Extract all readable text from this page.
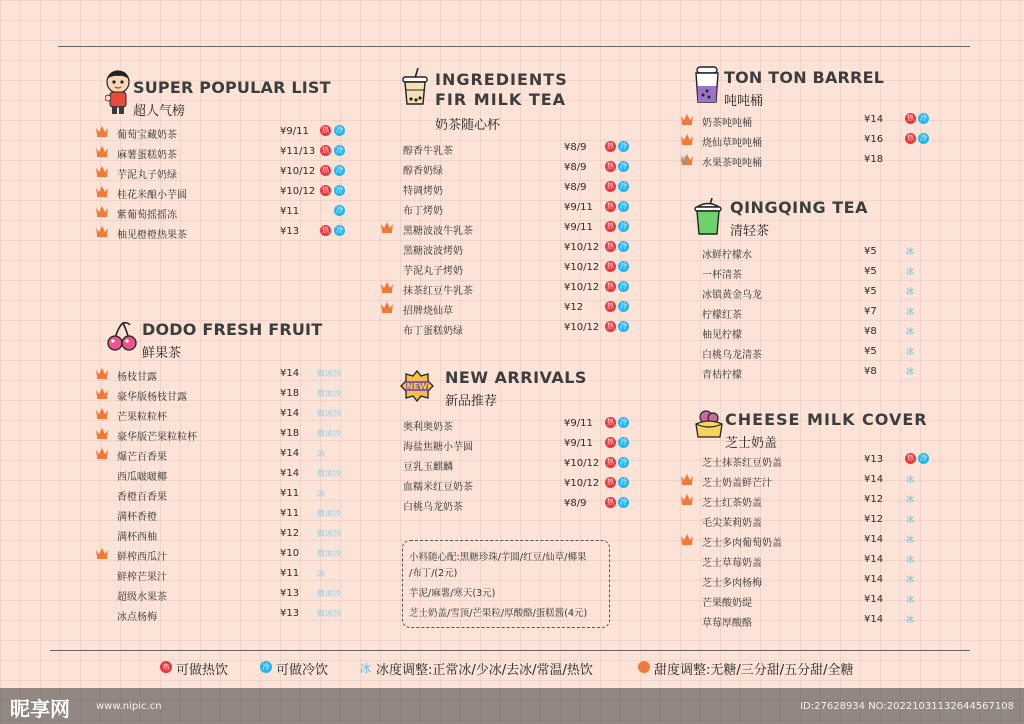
SUPER POPULAR LIST
超人气榜
葡萄宝藏奶茶	¥9/11 热 冷
麻薯蛋糕奶茶	¥11/13 热 冷
芋泥丸子奶绿	¥10/12 热 冷
桂花米酿小芋圆	¥10/12 热 冷
紫葡萄摇摇冻	¥11	冷
柚见橙橙热果茶	¥13	热 冷
DODO FRESH FRUIT
鲜果茶
杨枝甘露	¥14 微冰沙
豪华版杨枝甘露	¥18 微冰沙
芒果粒粒杯	¥14 微冰沙
豪华版芒果粒粒杯	¥18 微冰沙
爆芒百香果	¥14 冰
西瓜啵啵椰	¥14 微冰沙
香橙百香果	¥11 冰
满杯香橙	¥11 微冰沙
满杯西柚	¥12 微冰沙
鲜榨西瓜汁	¥10 微冰沙
鲜榨芒果汁	¥11 冰
超级水果茶	¥13 微冰沙
冰点杨梅	¥13 微冰沙
INGREDIENTS
FIR MILK TEA
奶茶随心杯
醇香牛乳茶	¥8/9	热 冷
醇香奶绿	¥8/9	热 冷
特调烤奶	¥8/9	热 冷
布丁烤奶	¥9/11 热 冷
黑糖波波牛乳茶	¥9/11 热 冷
黑糖波波烤奶	¥10/12 热 冷
芋泥丸子烤奶	¥10/12 热 冷
抹茶红豆牛乳茶	¥10/12 热 冷
招牌烧仙草	¥12	热 冷
布丁蛋糕奶绿	¥10/12 热 冷
NEW NEW ARRIVALS
新品推荐
奥利奥奶茶	¥9/11 热 冷
海盐焦糖小芋圆	¥9/11 热 冷
豆乳玉麒麟	¥10/12 热 冷
血糯米红豆奶茶	¥10/12 热 冷
白桃乌龙奶茶	¥8/9	热 冷
小料随心配:黑糖珍珠/芋圆/红豆/仙草/椰果
/布丁/(2元)
芋泥/麻薯/寒天(3元)
芝士奶盖/雪顶/芒果粒/厚酸酪/蛋糕酱(4元)
TON TON BARREL
吨吨桶
奶茶吨吨桶	¥14	热 冷
烧仙草吨吨桶	¥16	热 冷
水果茶吨吨桶	¥18
冰
QINGQING TEA
清轻茶
冰鲜柠檬水	¥5	冰
一杯清茶	¥5	冰
冰镇黄金乌龙	¥5	冰
柠檬红茶	¥7	冰
柚见柠檬	¥8	冰
白桃乌龙清茶	¥5	冰
青桔柠檬	¥8	冰
CHEESE MILK COVER
芝士奶盖
芝士抹茶红豆奶盖	¥13	热 冷
芝士奶盖鲜芒汁	¥14	冰
芝士红茶奶盖	¥12	冰
毛尖茉莉奶盖	¥12	冰
芝士多肉葡萄奶盖	¥14	冰
芝士草莓奶盖	¥14	冰
芝士多肉杨梅	¥14	冰
芒果酸奶缇	¥14	冰
草莓厚酸酪	¥14	冰
热 可做热饮	冷 可做冷饮	冰 冰度调整:正常冰/少冰/去冰/常温/热饮	甜度调整:无糖/三分甜/五分甜/全糖
昵享网	www.nipic.cn	ID:27628934 NO:20221031132644567108
